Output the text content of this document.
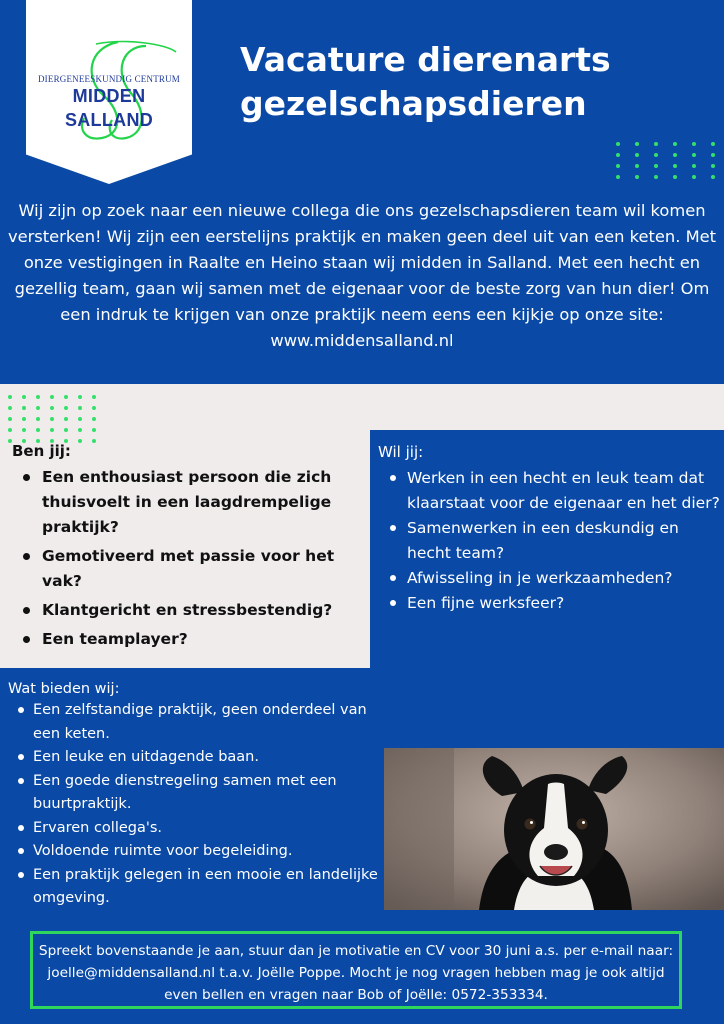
DIERGENEESKUNDIG CENTRUM
MIDDEN SALLAND
Vacature dierenarts
gezelschapsdieren
Wij zijn op zoek naar een nieuwe collega die ons gezelschapsdieren team wil komen versterken! Wij zijn een eerstelijns praktijk en maken geen deel uit van een keten. Met onze vestigingen in Raalte en Heino staan wij midden in Salland. Met een hecht en gezellig team, gaan wij samen met de eigenaar voor de beste zorg van hun dier! Om een indruk te krijgen van onze praktijk neem eens een kijkje op onze site: www.middensalland.nl
Ben jij:
Een enthousiast persoon die zich thuisvoelt in een laagdrempelige praktijk?
Gemotiveerd met passie voor het vak?
Klantgericht en stressbestendig?
Een teamplayer?
Wil jij:
Werken in een hecht en leuk team dat klaarstaat voor de eigenaar en het dier?
Samenwerken in een deskundig en hecht team?
Afwisseling in je werkzaamheden?
Een fijne werksfeer?
Wat bieden wij:
Een zelfstandige praktijk, geen onderdeel van een keten.
Een leuke en uitdagende baan.
Een goede dienstregeling samen met een buurtpraktijk.
Ervaren collega's.
Voldoende ruimte voor begeleiding.
Een praktijk gelegen in een mooie en landelijke omgeving.
Spreekt bovenstaande je aan, stuur dan je motivatie en CV voor 30 juni a.s. per e-mail naar: joelle@middensalland.nl t.a.v. Joëlle Poppe. Mocht je nog vragen hebben mag je ook altijd even bellen en vragen naar Bob of Joëlle: 0572-353334.
